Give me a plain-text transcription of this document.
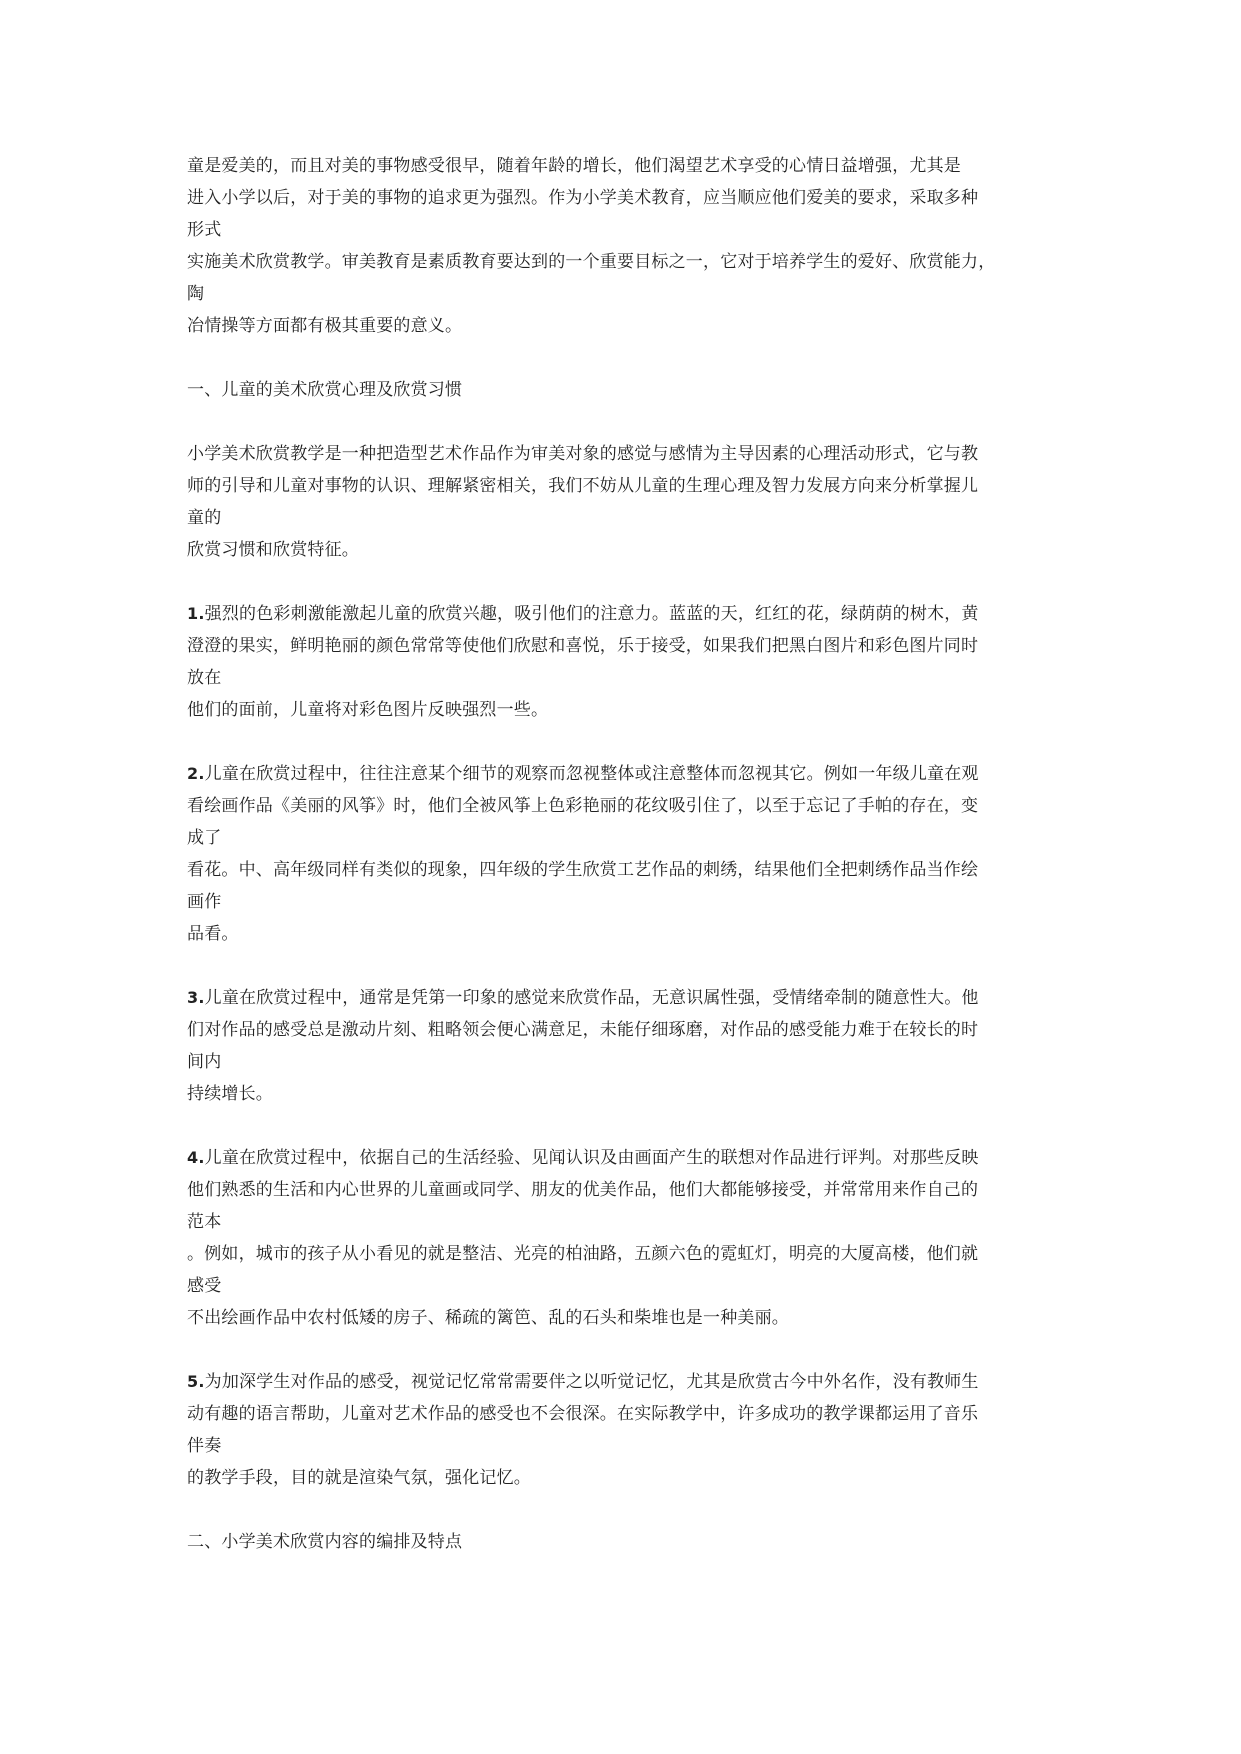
童是爱美的，而且对美的事物感受很早，随着年龄的增长，他们渴望艺术享受的心情日益增强，尤其是
进入小学以后，对于美的事物的追求更为强烈。作为小学美术教育，应当顺应他们爱美的要求，采取多种
形式
实施美术欣赏教学。审美教育是素质教育要达到的一个重要目标之一，它对于培养学生的爱好、欣赏能力，
陶
冶情操等方面都有极其重要的意义。
一、儿童的美术欣赏心理及欣赏习惯
小学美术欣赏教学是一种把造型艺术作品作为审美对象的感觉与感情为主导因素的心理活动形式，它与教
师的引导和儿童对事物的认识、理解紧密相关，我们不妨从儿童的生理心理及智力发展方向来分析掌握儿
童的
欣赏习惯和欣赏特征。
1.强烈的色彩刺激能激起儿童的欣赏兴趣，吸引他们的注意力。蓝蓝的天，红红的花，绿荫荫的树木，黄
澄澄的果实，鲜明艳丽的颜色常常等使他们欣慰和喜悦，乐于接受，如果我们把黑白图片和彩色图片同时
放在
他们的面前，儿童将对彩色图片反映强烈一些。
2.儿童在欣赏过程中，往往注意某个细节的观察而忽视整体或注意整体而忽视其它。例如一年级儿童在观
看绘画作品《美丽的风筝》时，他们全被风筝上色彩艳丽的花纹吸引住了，以至于忘记了手帕的存在，变
成了
看花。中、高年级同样有类似的现象，四年级的学生欣赏工艺作品的刺绣，结果他们全把刺绣作品当作绘
画作
品看。
3.儿童在欣赏过程中，通常是凭第一印象的感觉来欣赏作品，无意识属性强，受情绪牵制的随意性大。他
们对作品的感受总是激动片刻、粗略领会便心满意足，未能仔细琢磨，对作品的感受能力难于在较长的时
间内
持续增长。
4.儿童在欣赏过程中，依据自己的生活经验、见闻认识及由画面产生的联想对作品进行评判。对那些反映
他们熟悉的生活和内心世界的儿童画或同学、朋友的优美作品，他们大都能够接受，并常常用来作自己的
范本
。例如，城市的孩子从小看见的就是整洁、光亮的柏油路，五颜六色的霓虹灯，明亮的大厦高楼，他们就
感受
不出绘画作品中农村低矮的房子、稀疏的篱笆、乱的石头和柴堆也是一种美丽。
5.为加深学生对作品的感受，视觉记忆常常需要伴之以听觉记忆，尤其是欣赏古今中外名作，没有教师生
动有趣的语言帮助，儿童对艺术作品的感受也不会很深。在实际教学中，许多成功的教学课都运用了音乐
伴奏
的教学手段，目的就是渲染气氛，强化记忆。
二、小学美术欣赏内容的编排及特点
